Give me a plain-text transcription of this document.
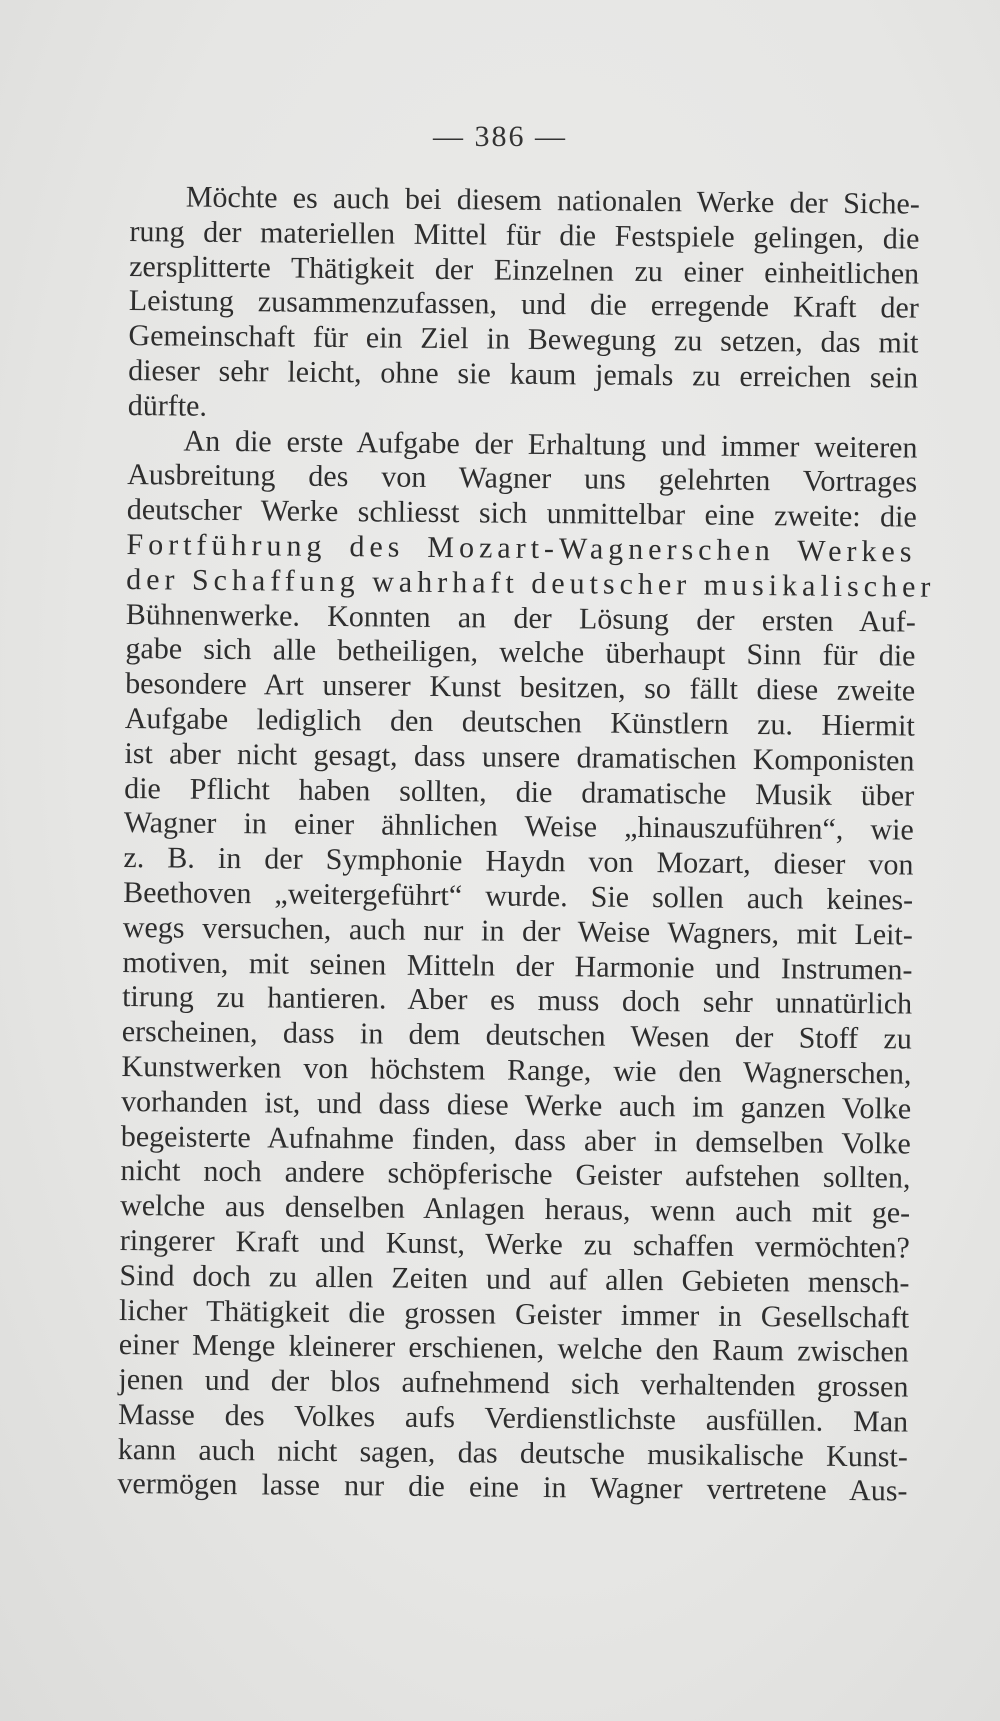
— 386 —
Möchte es auch bei diesem nationalen Werke der Siche-
rung der materiellen Mittel für die Festspiele gelingen, die
zersplitterte Thätigkeit der Einzelnen zu einer einheitlichen
Leistung zusammenzufassen, und die erregende Kraft der
Gemeinschaft für ein Ziel in Bewegung zu setzen, das mit
dieser sehr leicht, ohne sie kaum jemals zu erreichen sein
dürfte.
An die erste Aufgabe der Erhaltung und immer weiteren
Ausbreitung des von Wagner uns gelehrten Vortrages
deutscher Werke schliesst sich unmittelbar eine zweite: die
Fortführung des Mozart-Wagnerschen Werkes
der Schaffung wahrhaft deutscher musikalischer
Bühnenwerke. Konnten an der Lösung der ersten Auf-
gabe sich alle betheiligen, welche überhaupt Sinn für die
besondere Art unserer Kunst besitzen, so fällt diese zweite
Aufgabe lediglich den deutschen Künstlern zu. Hiermit
ist aber nicht gesagt, dass unsere dramatischen Komponisten
die Pflicht haben sollten, die dramatische Musik über
Wagner in einer ähnlichen Weise „hinauszuführen“, wie
z. B. in der Symphonie Haydn von Mozart, dieser von
Beethoven „weitergeführt“ wurde. Sie sollen auch keines-
wegs versuchen, auch nur in der Weise Wagners, mit Leit-
motiven, mit seinen Mitteln der Harmonie und Instrumen-
tirung zu hantieren. Aber es muss doch sehr unnatürlich
erscheinen, dass in dem deutschen Wesen der Stoff zu
Kunstwerken von höchstem Range, wie den Wagnerschen,
vorhanden ist, und dass diese Werke auch im ganzen Volke
begeisterte Aufnahme finden, dass aber in demselben Volke
nicht noch andere schöpferische Geister aufstehen sollten,
welche aus denselben Anlagen heraus, wenn auch mit ge-
ringerer Kraft und Kunst, Werke zu schaffen vermöchten?
Sind doch zu allen Zeiten und auf allen Gebieten mensch-
licher Thätigkeit die grossen Geister immer in Gesellschaft
einer Menge kleinerer erschienen, welche den Raum zwischen
jenen und der blos aufnehmend sich verhaltenden grossen
Masse des Volkes aufs Verdienstlichste ausfüllen. Man
kann auch nicht sagen, das deutsche musikalische Kunst-
vermögen lasse nur die eine in Wagner vertretene Aus-
